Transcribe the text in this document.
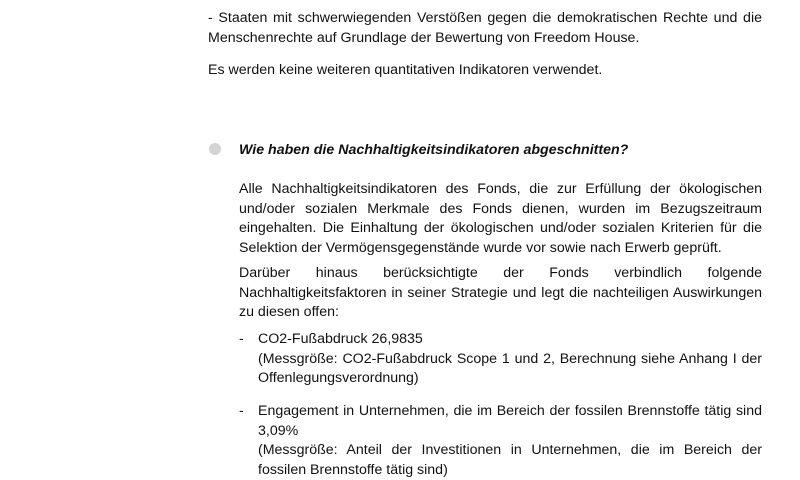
- Staaten mit schwerwiegenden Verstößen gegen die demokratischen Rechte und die Menschenrechte auf Grundlage der Bewertung von Freedom House.

Es werden keine weiteren quantitativen Indikatoren verwendet.

Wie haben die Nachhaltigkeitsindikatoren abgeschnitten?

Alle Nachhaltigkeitsindikatoren des Fonds, die zur Erfüllung der ökologischen und/oder sozialen Merkmale des Fonds dienen, wurden im Bezugszeitraum eingehalten. Die Einhaltung der ökologischen und/oder sozialen Kriterien für die Selektion der Vermögensgegenstände wurde vor sowie nach Erwerb geprüft.

Darüber hinaus berücksichtigte der Fonds verbindlich folgende Nachhaltigkeitsfaktoren in seiner Strategie und legt die nachteiligen Auswirkungen zu diesen offen:

- CO2-Fußabdruck 26,9835
(Messgröße: CO2-Fußabdruck Scope 1 und 2, Berechnung siehe Anhang I der Offenlegungsverordnung)

- Engagement in Unternehmen, die im Bereich der fossilen Brennstoffe tätig sind 3,09%
(Messgröße: Anteil der Investitionen in Unternehmen, die im Bereich der fossilen Brennstoffe tätig sind)
